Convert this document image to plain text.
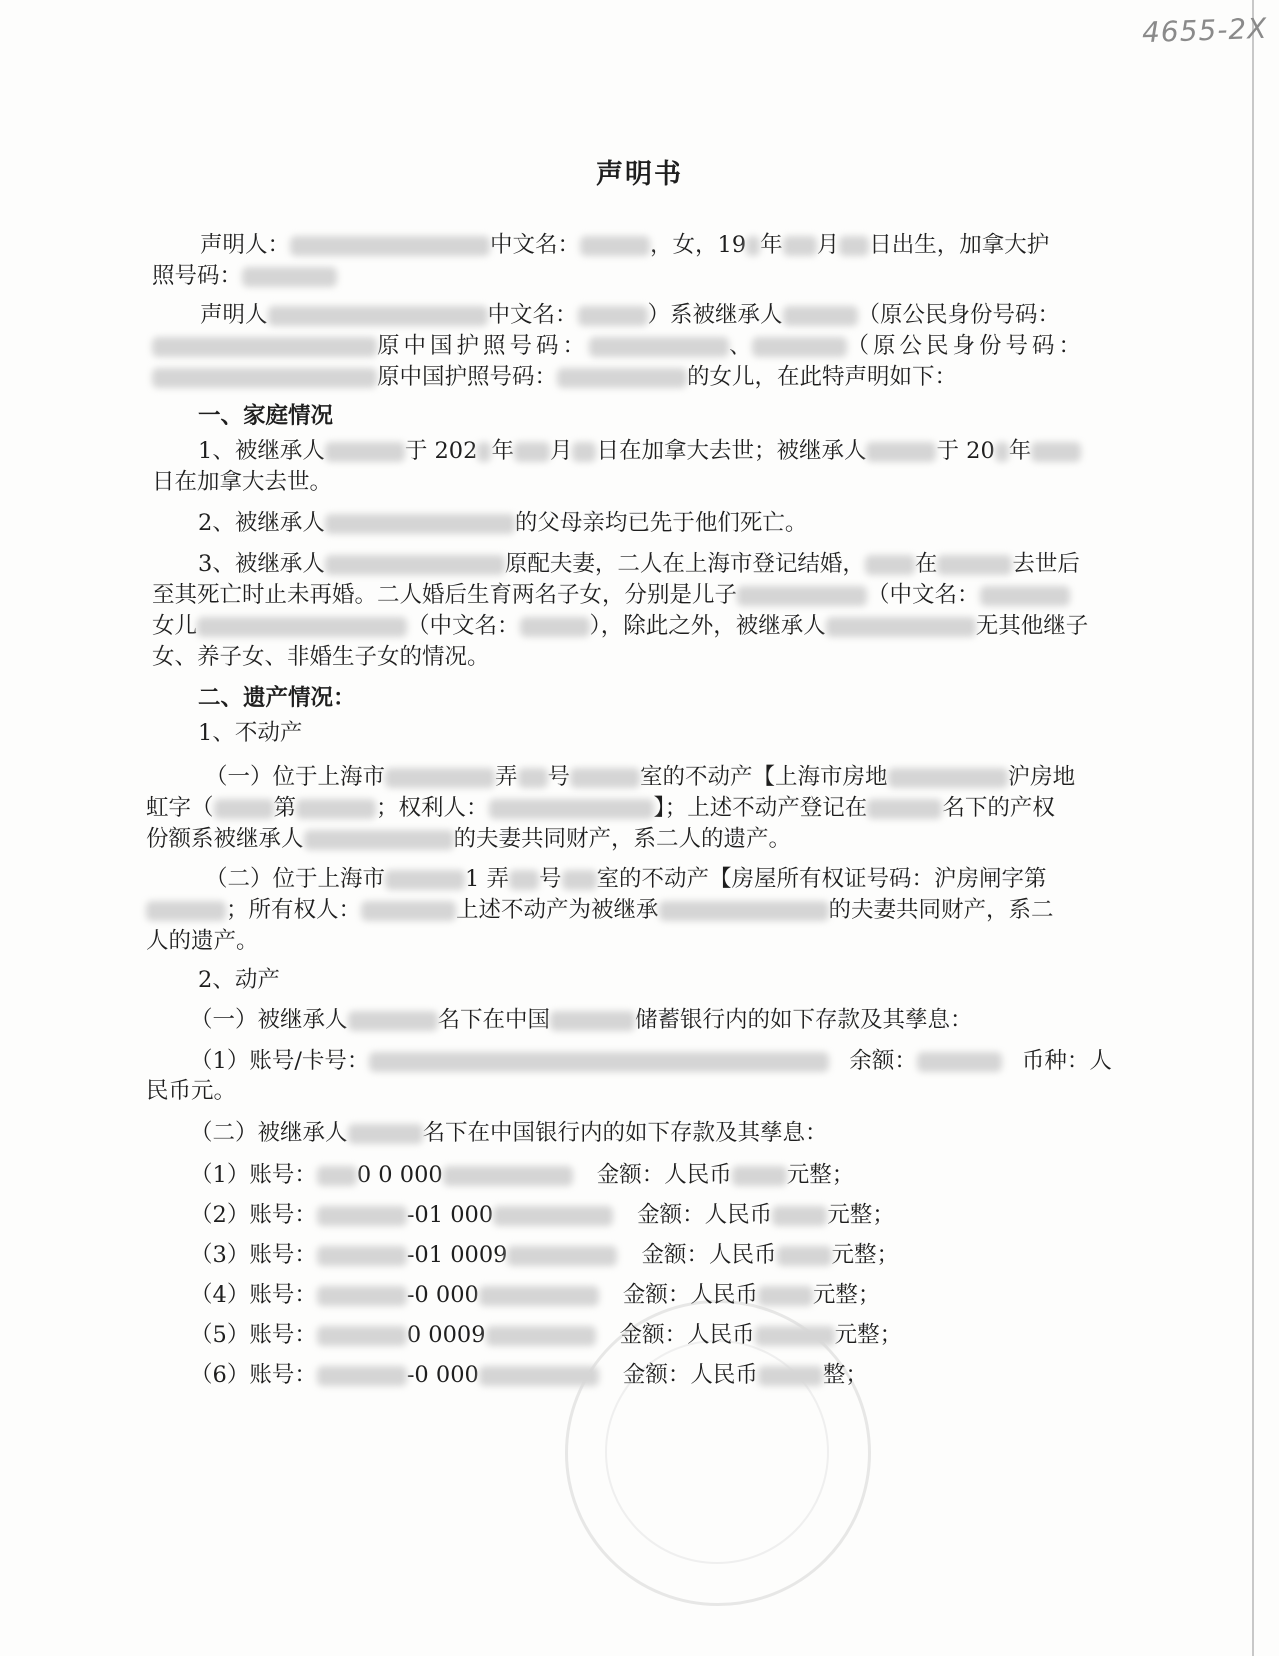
4655-2X
声明书
声明人：	中文名：	，女，19 年 月 日出生，加拿大护
照号码：
声明人	中文名：	）系被继承人	（原公民身份号码：
原中国护照号码：	、	（原公民身份号码：
原中国护照号码：	的女儿，在此特声明如下：
一、家庭情况
1、被继承人	于 202 年 月 日在加拿大去世；被继承人	于 20 年
日在加拿大去世。
2、被继承人	的父母亲均已先于他们死亡。
3、被继承人	原配夫妻，二人在上海市登记结婚， 在	去世后
至其死亡时止未再婚。二人婚后生育两名子女，分别是儿子	（中文名：
女儿	（中文名：	），除此之外，被继承人	无其他继子
女、养子女、非婚生子女的情况。
二、遗产情况：
1、不动产
（一）位于上海市	弄 号	室的不动产【上海市房地	沪房地
虹字（	第	；权利人：	】；上述不动产登记在	名下的产权
份额系被继承人	的夫妻共同财产，系二人的遗产。
（二）位于上海市	1 弄 号 室的不动产【房屋所有权证号码：沪房闸字第
；所有权人：	上述不动产为被继承	的夫妻共同财产，系二
人的遗产。
2、动产
（一）被继承人	名下在中国	储蓄银行内的如下存款及其孳息：
（1）账号/卡号：	余额：	币种：人
民币元。
（二）被继承人	名下在中国银行内的如下存款及其孳息：
（1）账号： 0 0 000	金额：人民币 元整；
（2）账号：	-01 000	金额：人民币 元整；
（3）账号：	-01 0009	金额：人民币 元整；
（4）账号：	-0 000	金额：人民币 元整；
（5）账号：	0 0009	金额：人民币	元整；
（6）账号：	-0 000	金额：人民币	整；
